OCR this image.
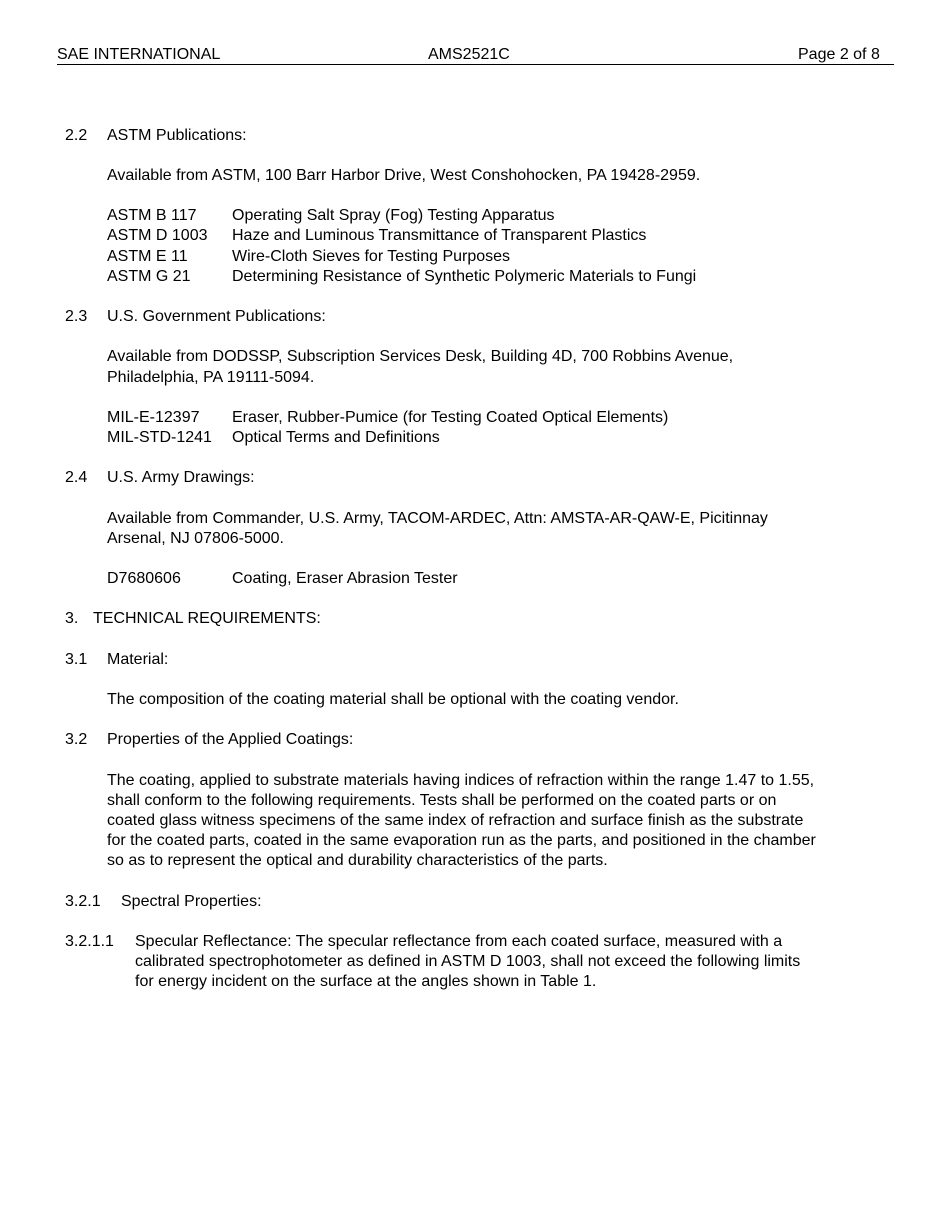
SAE INTERNATIONAL	AMS2521C	Page 2 of 8
2.2 ASTM Publications:
Available from ASTM, 100 Barr Harbor Drive, West Conshohocken, PA 19428-2959.
ASTM B 117 Operating Salt Spray (Fog) Testing Apparatus
ASTM D 1003 Haze and Luminous Transmittance of Transparent Plastics
ASTM E 11	Wire-Cloth Sieves for Testing Purposes
ASTM G 21	Determining Resistance of Synthetic Polymeric Materials to Fungi
2.3 U.S. Government Publications:
Available from DODSSP, Subscription Services Desk, Building 4D, 700 Robbins Avenue,
Philadelphia, PA 19111-5094.
MIL-E-12397 Eraser, Rubber-Pumice (for Testing Coated Optical Elements)
MIL-STD-1241 Optical Terms and Definitions
2.4 U.S. Army Drawings:
Available from Commander, U.S. Army, TACOM-ARDEC, Attn: AMSTA-AR-QAW-E, Picitinnay
Arsenal, NJ 07806-5000.
D7680606	Coating, Eraser Abrasion Tester
3. TECHNICAL REQUIREMENTS:
3.1 Material:
The composition of the coating material shall be optional with the coating vendor.
3.2 Properties of the Applied Coatings:
The coating, applied to substrate materials having indices of refraction within the range 1.47 to 1.55,
shall conform to the following requirements. Tests shall be performed on the coated parts or on
coated glass witness specimens of the same index of refraction and surface finish as the substrate
for the coated parts, coated in the same evaporation run as the parts, and positioned in the chamber
so as to represent the optical and durability characteristics of the parts.
3.2.1 Spectral Properties:
3.2.1.1 Specular Reflectance: The specular reflectance from each coated surface, measured with a
calibrated spectrophotometer as defined in ASTM D 1003, shall not exceed the following limits
for energy incident on the surface at the angles shown in Table 1.
